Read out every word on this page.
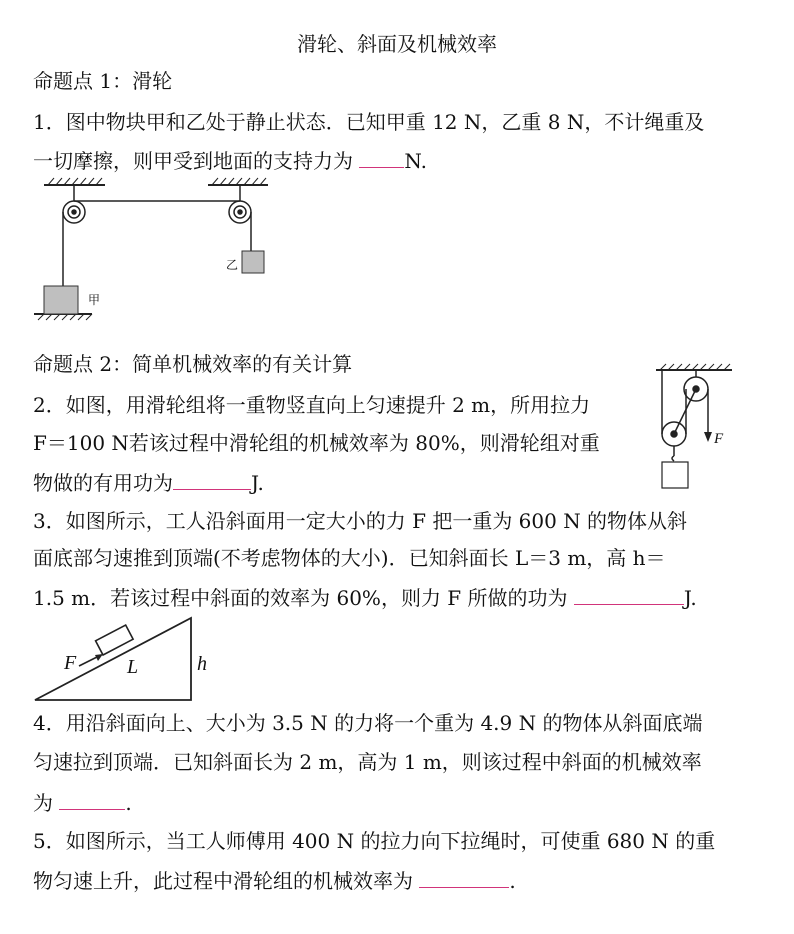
滑轮、斜面及机械效率
命题点 1：滑轮
1．图中物块甲和乙处于静止状态．已知甲重 12 N，乙重 8 N，不计绳重及
一切摩擦，则甲受到地面的支持力为	N.
甲
乙
命题点 2：简单机械效率的有关计算
2．如图，用滑轮组将一重物竖直向上匀速提升 2 m，所用拉力
F＝100 N若该过程中滑轮组的机械效率为 80%，则滑轮组对重
物做的有用功为	J.
F
3．如图所示，工人沿斜面用一定大小的力 F 把一重为 600 N 的物体从斜
面底部匀速推到顶端(不考虑物体的大小)．已知斜面长 L＝3 m，高 h＝
1.5 m．若该过程中斜面的效率为 60%，则力 F 所做的功为	J.
F	L	h
4．用沿斜面向上、大小为 3.5 N 的力将一个重为 4.9 N 的物体从斜面底端
匀速拉到顶端．已知斜面长为 2 m，高为 1 m，则该过程中斜面的机械效率
为	.
5．如图所示，当工人师傅用 400 N 的拉力向下拉绳时，可使重 680 N 的重
物匀速上升，此过程中滑轮组的机械效率为	.
